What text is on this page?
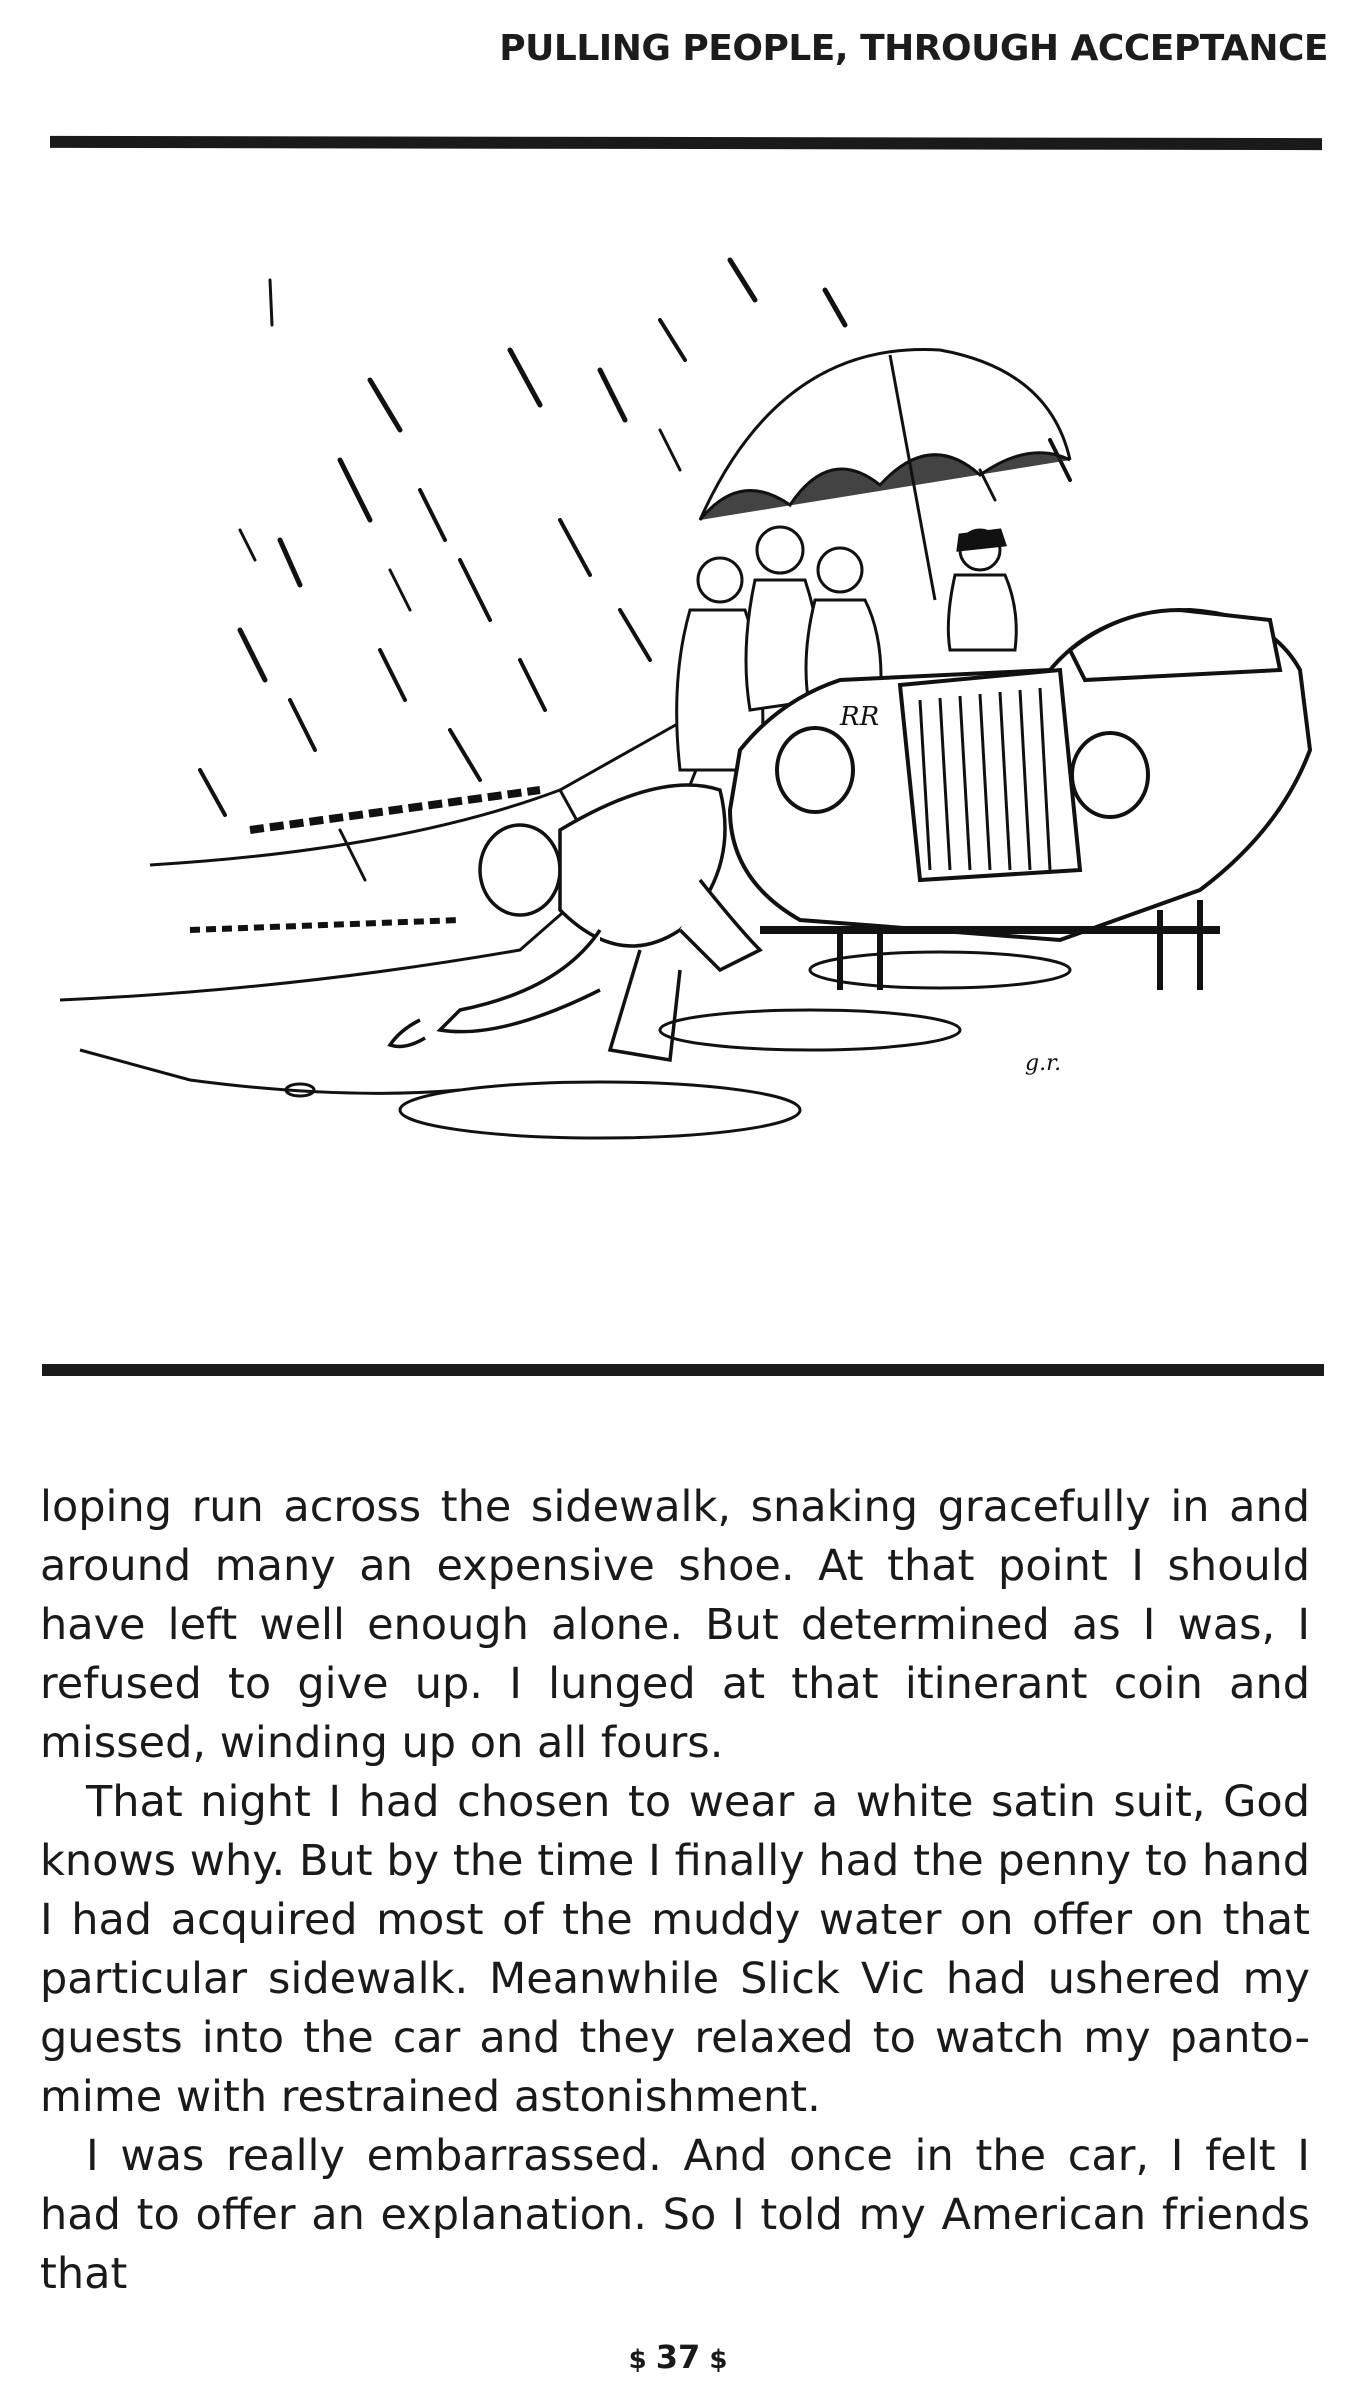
PULLING PEOPLE, THROUGH ACCEPTANCE
RR
g.r.

loping run across the sidewalk, snaking gracefully in and around many an expensive shoe. At that point I should have left well enough alone. But determined as I was, I refused to give up. I lunged at that itinerant coin and missed, winding up on all fours.

That night I had chosen to wear a white satin suit, God knows why. But by the time I finally had the penny to hand I had acquired most of the muddy water on offer on that particular sidewalk. Meanwhile Slick Vic had ushered my guests into the car and they relaxed to watch my panto-mime with restrained astonishment.

I was really embarrassed. And once in the car, I felt I had to offer an explanation. So I told my American friends that

$ 37 $
